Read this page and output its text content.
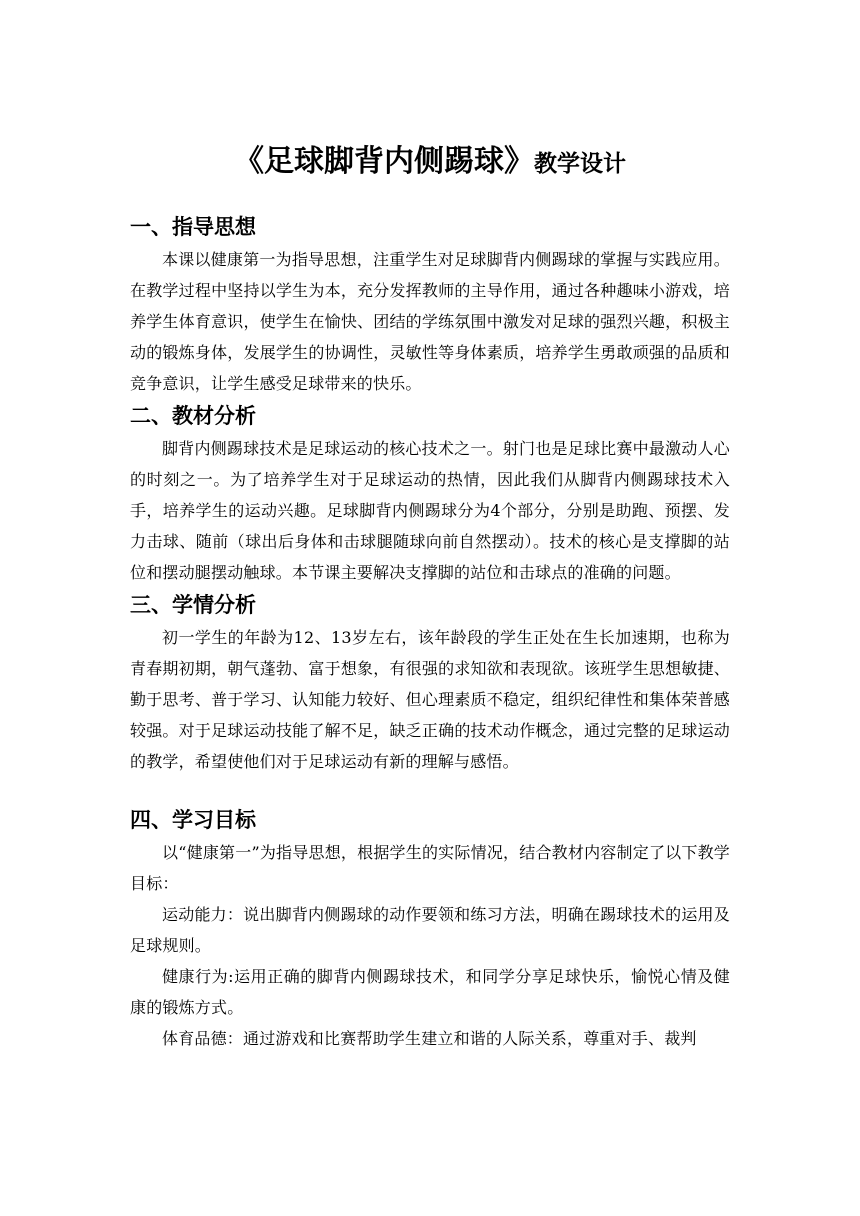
《足球脚背内侧踢球》教学设计
一、指导思想

本课以健康第一为指导思想，注重学生对足球脚背内侧踢球的掌握与实践应用。在教学过程中坚持以学生为本，充分发挥教师的主导作用，通过各种趣味小游戏，培养学生体育意识，使学生在愉快、团结的学练氛围中激发对足球的强烈兴趣，积极主动的锻炼身体，发展学生的协调性，灵敏性等身体素质，培养学生勇敢顽强的品质和竞争意识，让学生感受足球带来的快乐。

二、教材分析

脚背内侧踢球技术是足球运动的核心技术之一。射门也是足球比赛中最激动人心的时刻之一。为了培养学生对于足球运动的热情，因此我们从脚背内侧踢球技术入手，培养学生的运动兴趣。足球脚背内侧踢球分为4个部分，分别是助跑、预摆、发力击球、随前（球出后身体和击球腿随球向前自然摆动）。技术的核心是支撑脚的站位和摆动腿摆动触球。本节课主要解决支撑脚的站位和击球点的准确的问题。

三、学情分析

初一学生的年龄为12、13岁左右，该年龄段的学生正处在生长加速期，也称为青春期初期，朝气蓬勃、富于想象，有很强的求知欲和表现欲。该班学生思想敏捷、勤于思考、普于学习、认知能力较好、但心理素质不稳定，组织纪律性和集体荣普感较强。对于足球运动技能了解不足，缺乏正确的技术动作概念，通过完整的足球运动的教学，希望使他们对于足球运动有新的理解与感悟。

四、学习目标

以“健康第一”为指导思想，根据学生的实际情况，结合教材内容制定了以下教学目标：

运动能力：说出脚背内侧踢球的动作要领和练习方法，明确在踢球技术的运用及足球规则。

健康行为:运用正确的脚背内侧踢球技术，和同学分享足球快乐，愉悦心情及健康的锻炼方式。

体育品德：通过游戏和比赛帮助学生建立和谐的人际关系，尊重对手、裁判
